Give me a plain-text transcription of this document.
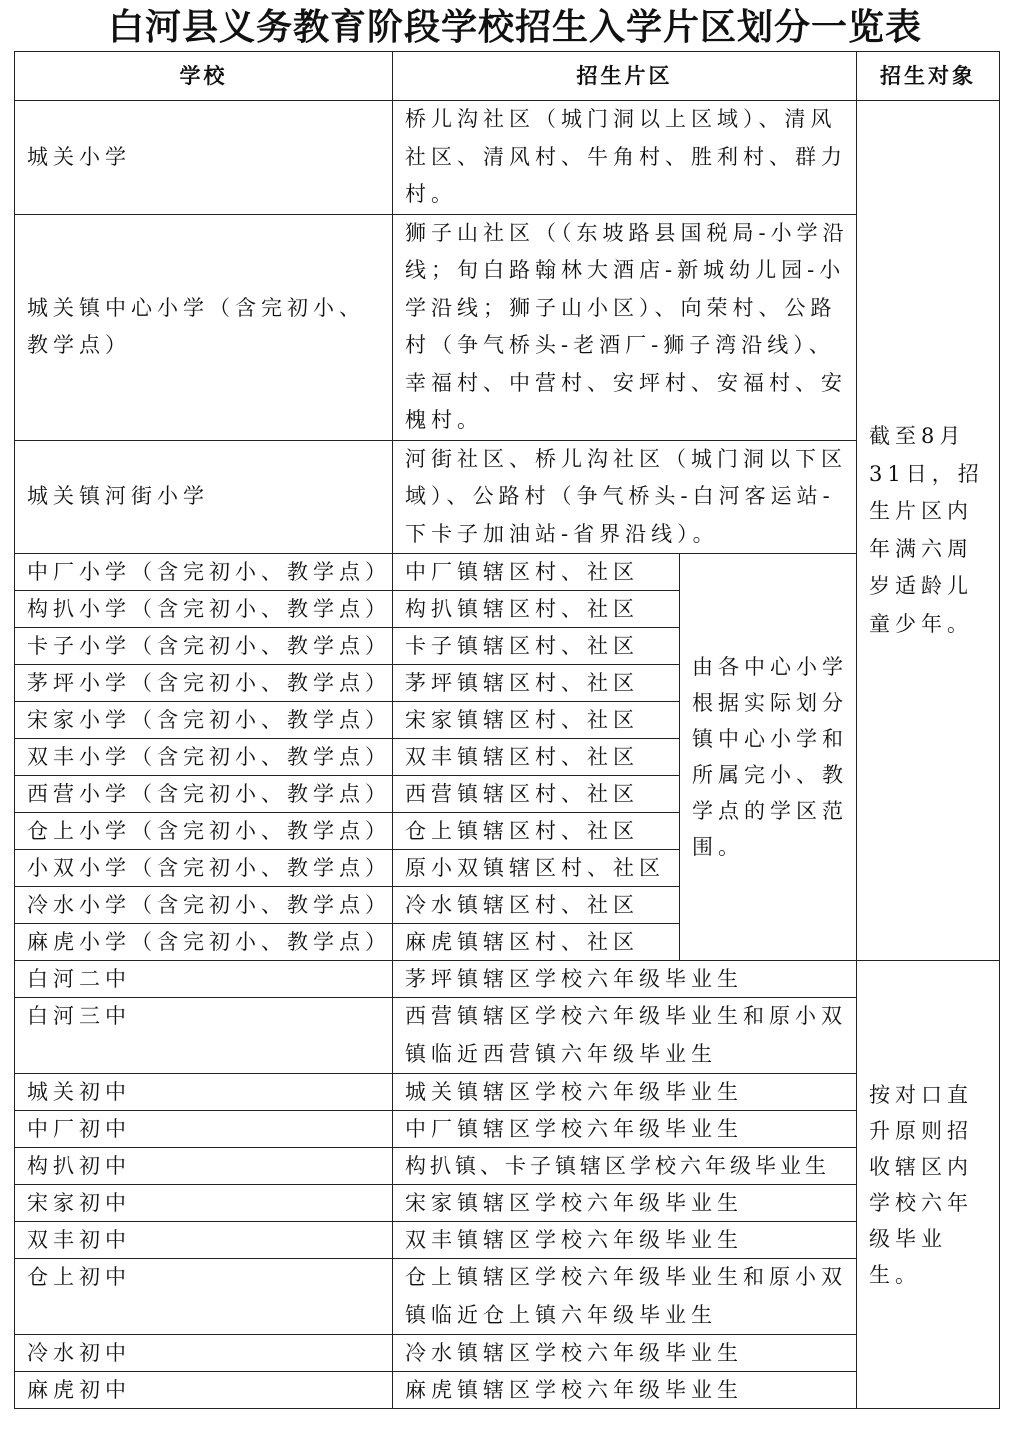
白河县义务教育阶段学校招生入学片区划分一览表
学校	招生片区		招生对象
城关小学	桥儿沟社区（城门洞以上区域）、清风社区、清风村、牛角村、胜利村、群力村。		截至8月31日，招生片区内年满六周岁适龄儿童少年。
城关镇中心小学（含完初小、教学点）	狮子山社区（（东坡路县国税局-小学沿线；旬白路翰林大酒店-新城幼儿园-小学沿线；狮子山小区）、向荣村、公路村（争气桥头-老酒厂-狮子湾沿线）、幸福村、中营村、安坪村、安福村、安槐村。		
城关镇河街小学	河街社区、桥儿沟社区（城门洞以下区域）、公路村（争气桥头-白河客运站-下卡子加油站-省界沿线）。		
中厂小学（含完初小、教学点）	中厂镇辖区村、社区	由各中心小学根据实际划分镇中心小学和所属完小、教学点的学区范围。	
构扒小学（含完初小、教学点）	构扒镇辖区村、社区		
卡子小学（含完初小、教学点）	卡子镇辖区村、社区		
茅坪小学（含完初小、教学点）	茅坪镇辖区村、社区		
宋家小学（含完初小、教学点）	宋家镇辖区村、社区		
双丰小学（含完初小、教学点）	双丰镇辖区村、社区		
西营小学（含完初小、教学点）	西营镇辖区村、社区		
仓上小学（含完初小、教学点）	仓上镇辖区村、社区		
小双小学（含完初小、教学点）	原小双镇辖区村、社区		
冷水小学（含完初小、教学点）	冷水镇辖区村、社区		
麻虎小学（含完初小、教学点）	麻虎镇辖区村、社区		
白河二中	茅坪镇辖区学校六年级毕业生		按对口直升原则招收辖区内学校六年级毕业生。
白河三中	西营镇辖区学校六年级毕业生和原小双镇临近西营镇六年级毕业生		
城关初中	城关镇辖区学校六年级毕业生		
中厂初中	中厂镇辖区学校六年级毕业生		
构扒初中	构扒镇、卡子镇辖区学校六年级毕业生		
宋家初中	宋家镇辖区学校六年级毕业生		
双丰初中	双丰镇辖区学校六年级毕业生		
仓上初中	仓上镇辖区学校六年级毕业生和原小双镇临近仓上镇六年级毕业生		
冷水初中	冷水镇辖区学校六年级毕业生		
麻虎初中	麻虎镇辖区学校六年级毕业生		
